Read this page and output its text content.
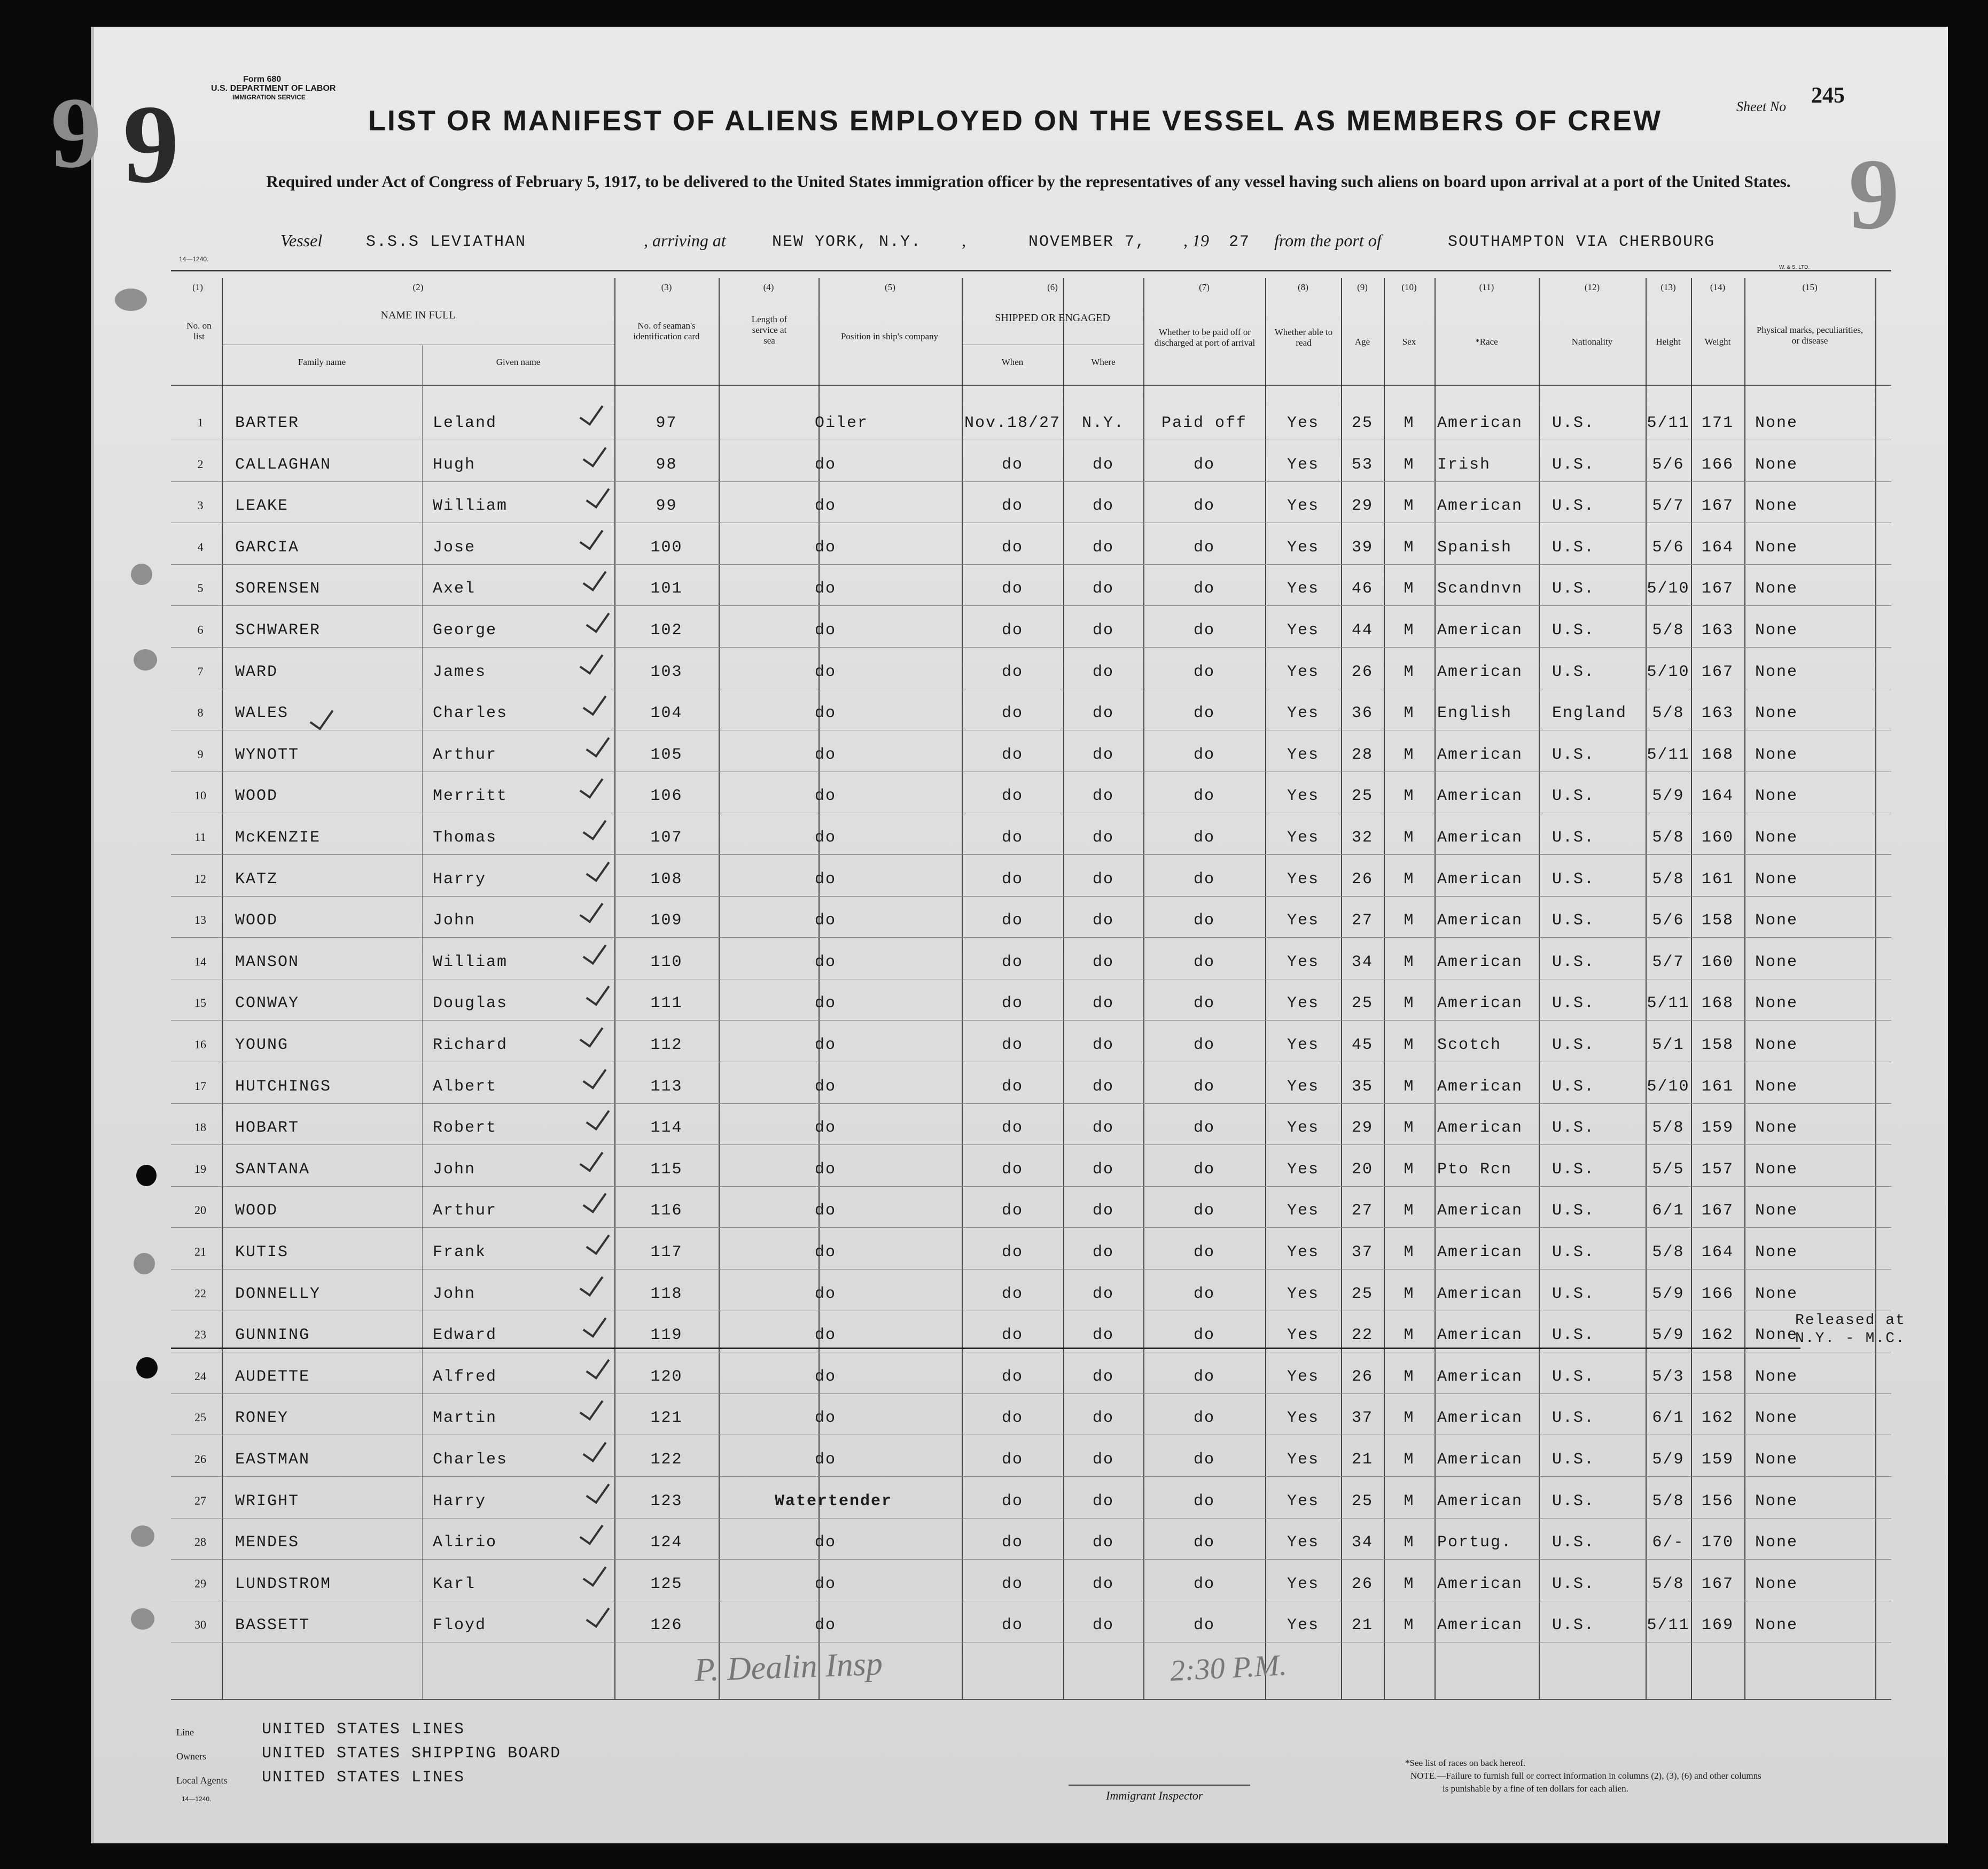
Form 680
U.S. DEPARTMENT OF LABOR
IMMIGRATION SERVICE
9 9	9
Sheet No 245
LIST OR MANIFEST OF ALIENS EMPLOYED ON THE VESSEL AS MEMBERS OF CREW
Required under Act of Congress of February 5, 1917, to be delivered to the United States immigration officer by the representatives of any vessel having such aliens on board upon arrival at a port of the United States.
14—1240.
W. & S. LTD.
Vessel	S.S.S LEVIATHAN	, arriving at	NEW YORK, N.Y. ,	NOVEMBER 7, , 19 27 from the port of	SOUTHAMPTON VIA CHERBOURG
(1)
No. on list
(2)
NAME IN FULL
Family name	Given name
(3)
No. of seaman's identification card
(4)
Length of service at sea
(5)
Position in ship's company
(6)
SHIPPED OR ENGAGED
When	Where
(7)
Whether to be paid off or discharged at port of arrival
(8)
Whether able to read
(9)
Age
(10)
Sex
(11)
*Race
(12)
Nationality
(13)
Height
(14)
Weight
(15)
Physical marks, peculiarities, or disease
1	BARTER	Leland	97	Oiler	Nov.18/27	N.Y.	Paid off	Yes	25	M	American	U.S.	5/11 171	None
2	CALLAGHAN	Hugh	98	do	do	do	do	Yes	53	M	Irish	U.S.	5/6	166	None
3	LEAKE	William	99	do	do	do	do	Yes	29	M	American	U.S.	5/7	167	None
4	GARCIA	Jose	100	do	do	do	do	Yes	39	M	Spanish	U.S.	5/6	164	None
5	SORENSEN	Axel	101	do	do	do	do	Yes	46	M	Scandnvn	U.S.	5/10 167	None
6	SCHWARER	George	102	do	do	do	do	Yes	44	M	American	U.S.	5/8	163	None
7	WARD	James	103	do	do	do	do	Yes	26	M	American	U.S.	5/10 167	None
8	WALES	Charles	104	do	do	do	do	Yes	36	M	English	England	5/8	163	None
9	WYNOTT	Arthur	105	do	do	do	do	Yes	28	M	American	U.S.	5/11 168	None
10	WOOD	Merritt	106	do	do	do	do	Yes	25	M	American	U.S.	5/9	164	None
11	McKENZIE	Thomas	107	do	do	do	do	Yes	32	M	American	U.S.	5/8	160	None
12	KATZ	Harry	108	do	do	do	do	Yes	26	M	American	U.S.	5/8	161	None
13	WOOD	John	109	do	do	do	do	Yes	27	M	American	U.S.	5/6	158	None
14	MANSON	William	110	do	do	do	do	Yes	34	M	American	U.S.	5/7	160	None
15	CONWAY	Douglas	111	do	do	do	do	Yes	25	M	American	U.S.	5/11 168	None
16	YOUNG	Richard	112	do	do	do	do	Yes	45	M	Scotch	U.S.	5/1	158	None
17	HUTCHINGS	Albert	113	do	do	do	do	Yes	35	M	American	U.S.	5/10 161	None
18	HOBART	Robert	114	do	do	do	do	Yes	29	M	American	U.S.	5/8	159	None
19	SANTANA	John	115	do	do	do	do	Yes	20	M	Pto Rcn	U.S.	5/5	157	None
20	WOOD	Arthur	116	do	do	do	do	Yes	27	M	American	U.S.	6/1	167	None
21	KUTIS	Frank	117	do	do	do	do	Yes	37	M	American	U.S.	5/8	164	None
22	DONNELLY	John	118	do	do	do	do	Yes	25	M	American	U.S.	5/9	166	None
23	GUNNING	Edward	119	do	do	do	do	Yes	22	M	American	U.S.	5/9	162	None
24	AUDETTE	Alfred	120	do	do	do	do	Yes	26	M	American	U.S.	5/3	158	None
25	RONEY	Martin	121	do	do	do	do	Yes	37	M	American	U.S.	6/1	162	None
26	EASTMAN	Charles	122	do	do	do	do	Yes	21	M	American	U.S.	5/9	159	None
27	WRIGHT	Harry	123	Watertender	do	do	do	Yes	25	M	American	U.S.	5/8	156	None
28	MENDES	Alirio	124	do	do	do	do	Yes	34	M	Portug.	U.S.	6/-	170	None
29	LUNDSTROM	Karl	125	do	do	do	do	Yes	26	M	American	U.S.	5/8	167	None
30	BASSETT	Floyd	126	do	do	do	do	Yes	21	M	American	U.S.	5/11 169	None
Released at N.Y. - M.C.
P. Dealin Insp	2:30 P.M.
Line	UNITED STATES LINES
Owners	UNITED STATES SHIPPING BOARD
Local Agents UNITED STATES LINES
14—1240.	Immigrant Inspector
*See list of races on back hereof.
NOTE.—Failure to furnish full or correct information in columns (2), (3), (6) and other columns
is punishable by a fine of ten dollars for each alien.
